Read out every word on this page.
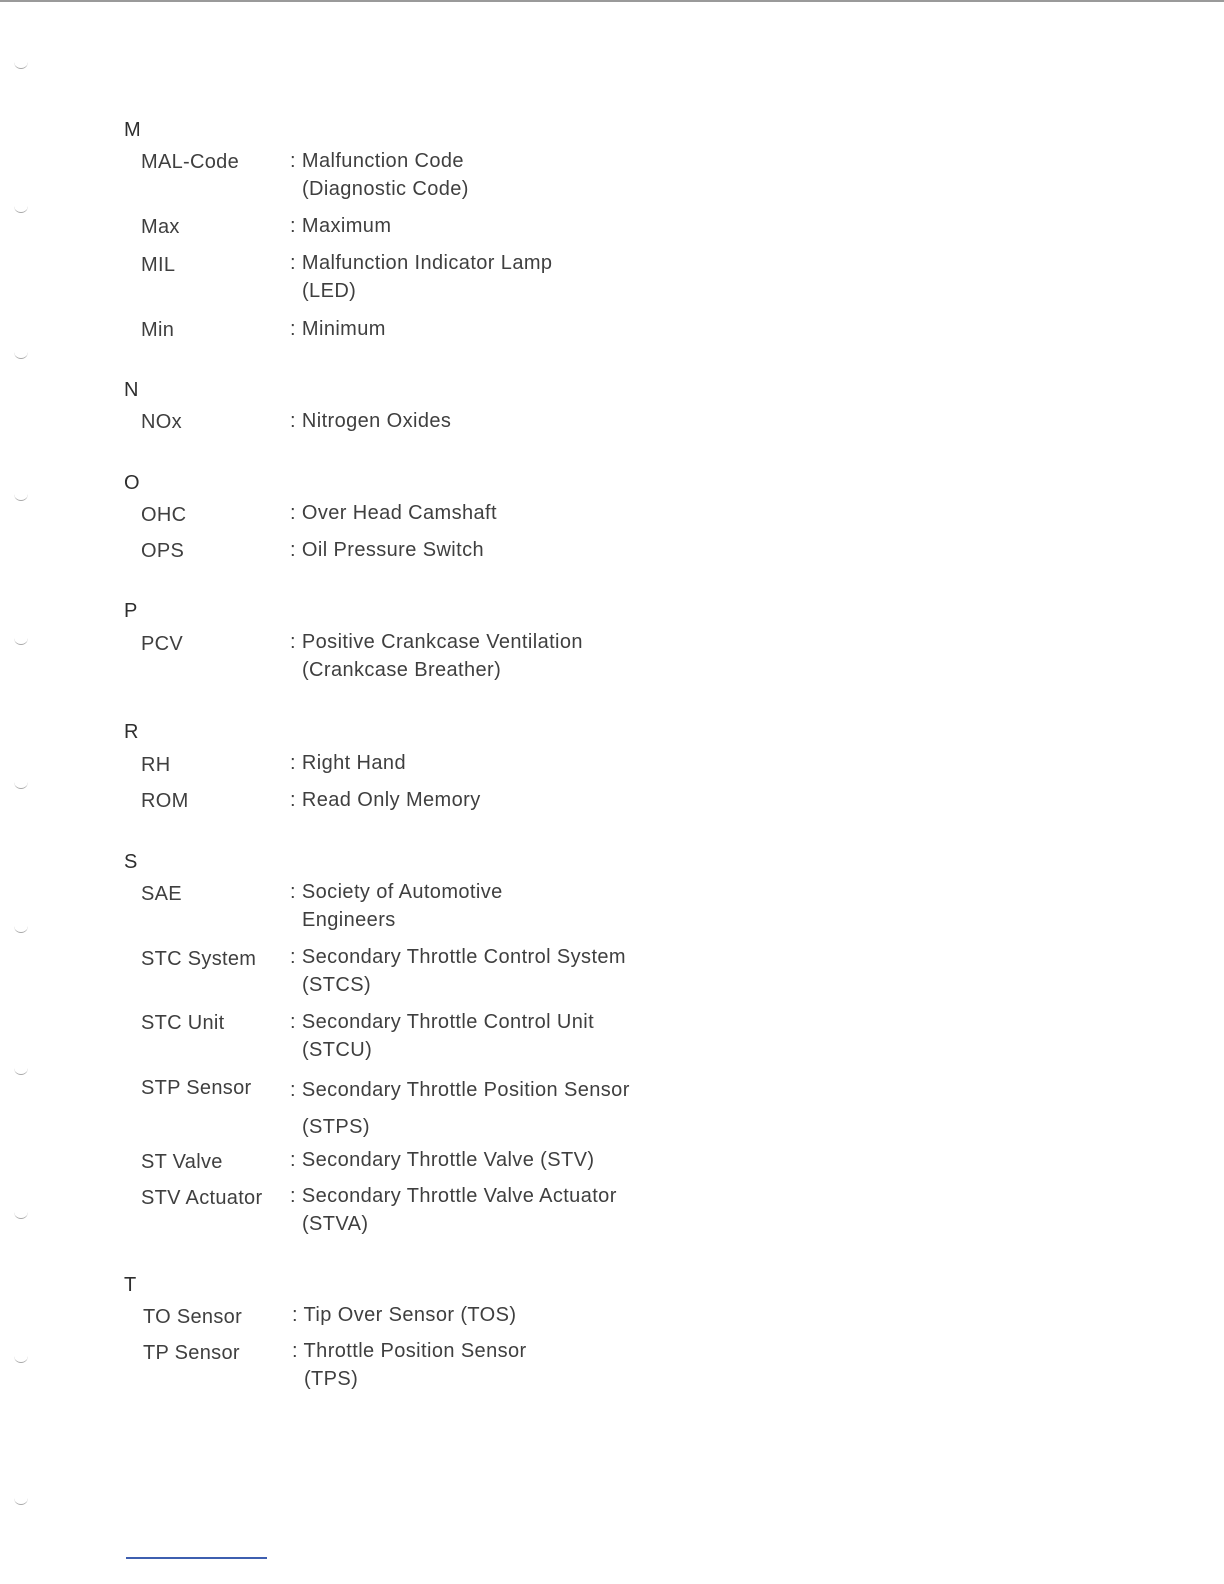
M
MAL-Code	: Malfunction Code
(Diagnostic Code)
Max	: Maximum
MIL	: Malfunction Indicator Lamp
(LED)
Min	: Minimum
N
NOx	: Nitrogen Oxides
O
OHC	: Over Head Camshaft
OPS	: Oil Pressure Switch
P
PCV	: Positive Crankcase Ventilation
(Crankcase Breather)
R
RH	: Right Hand
ROM	: Read Only Memory
S
SAE	: Society of Automotive
Engineers
STC System : Secondary Throttle Control System
(STCS)
STC Unit	: Secondary Throttle Control Unit
(STCU)
STP Sensor : Secondary Throttle Position Sensor
(STPS)
ST Valve	: Secondary Throttle Valve (STV)
STV Actuator : Secondary Throttle Valve Actuator
(STVA)
T
TO Sensor : Tip Over Sensor (TOS)
TP Sensor	: Throttle Position Sensor
(TPS)
